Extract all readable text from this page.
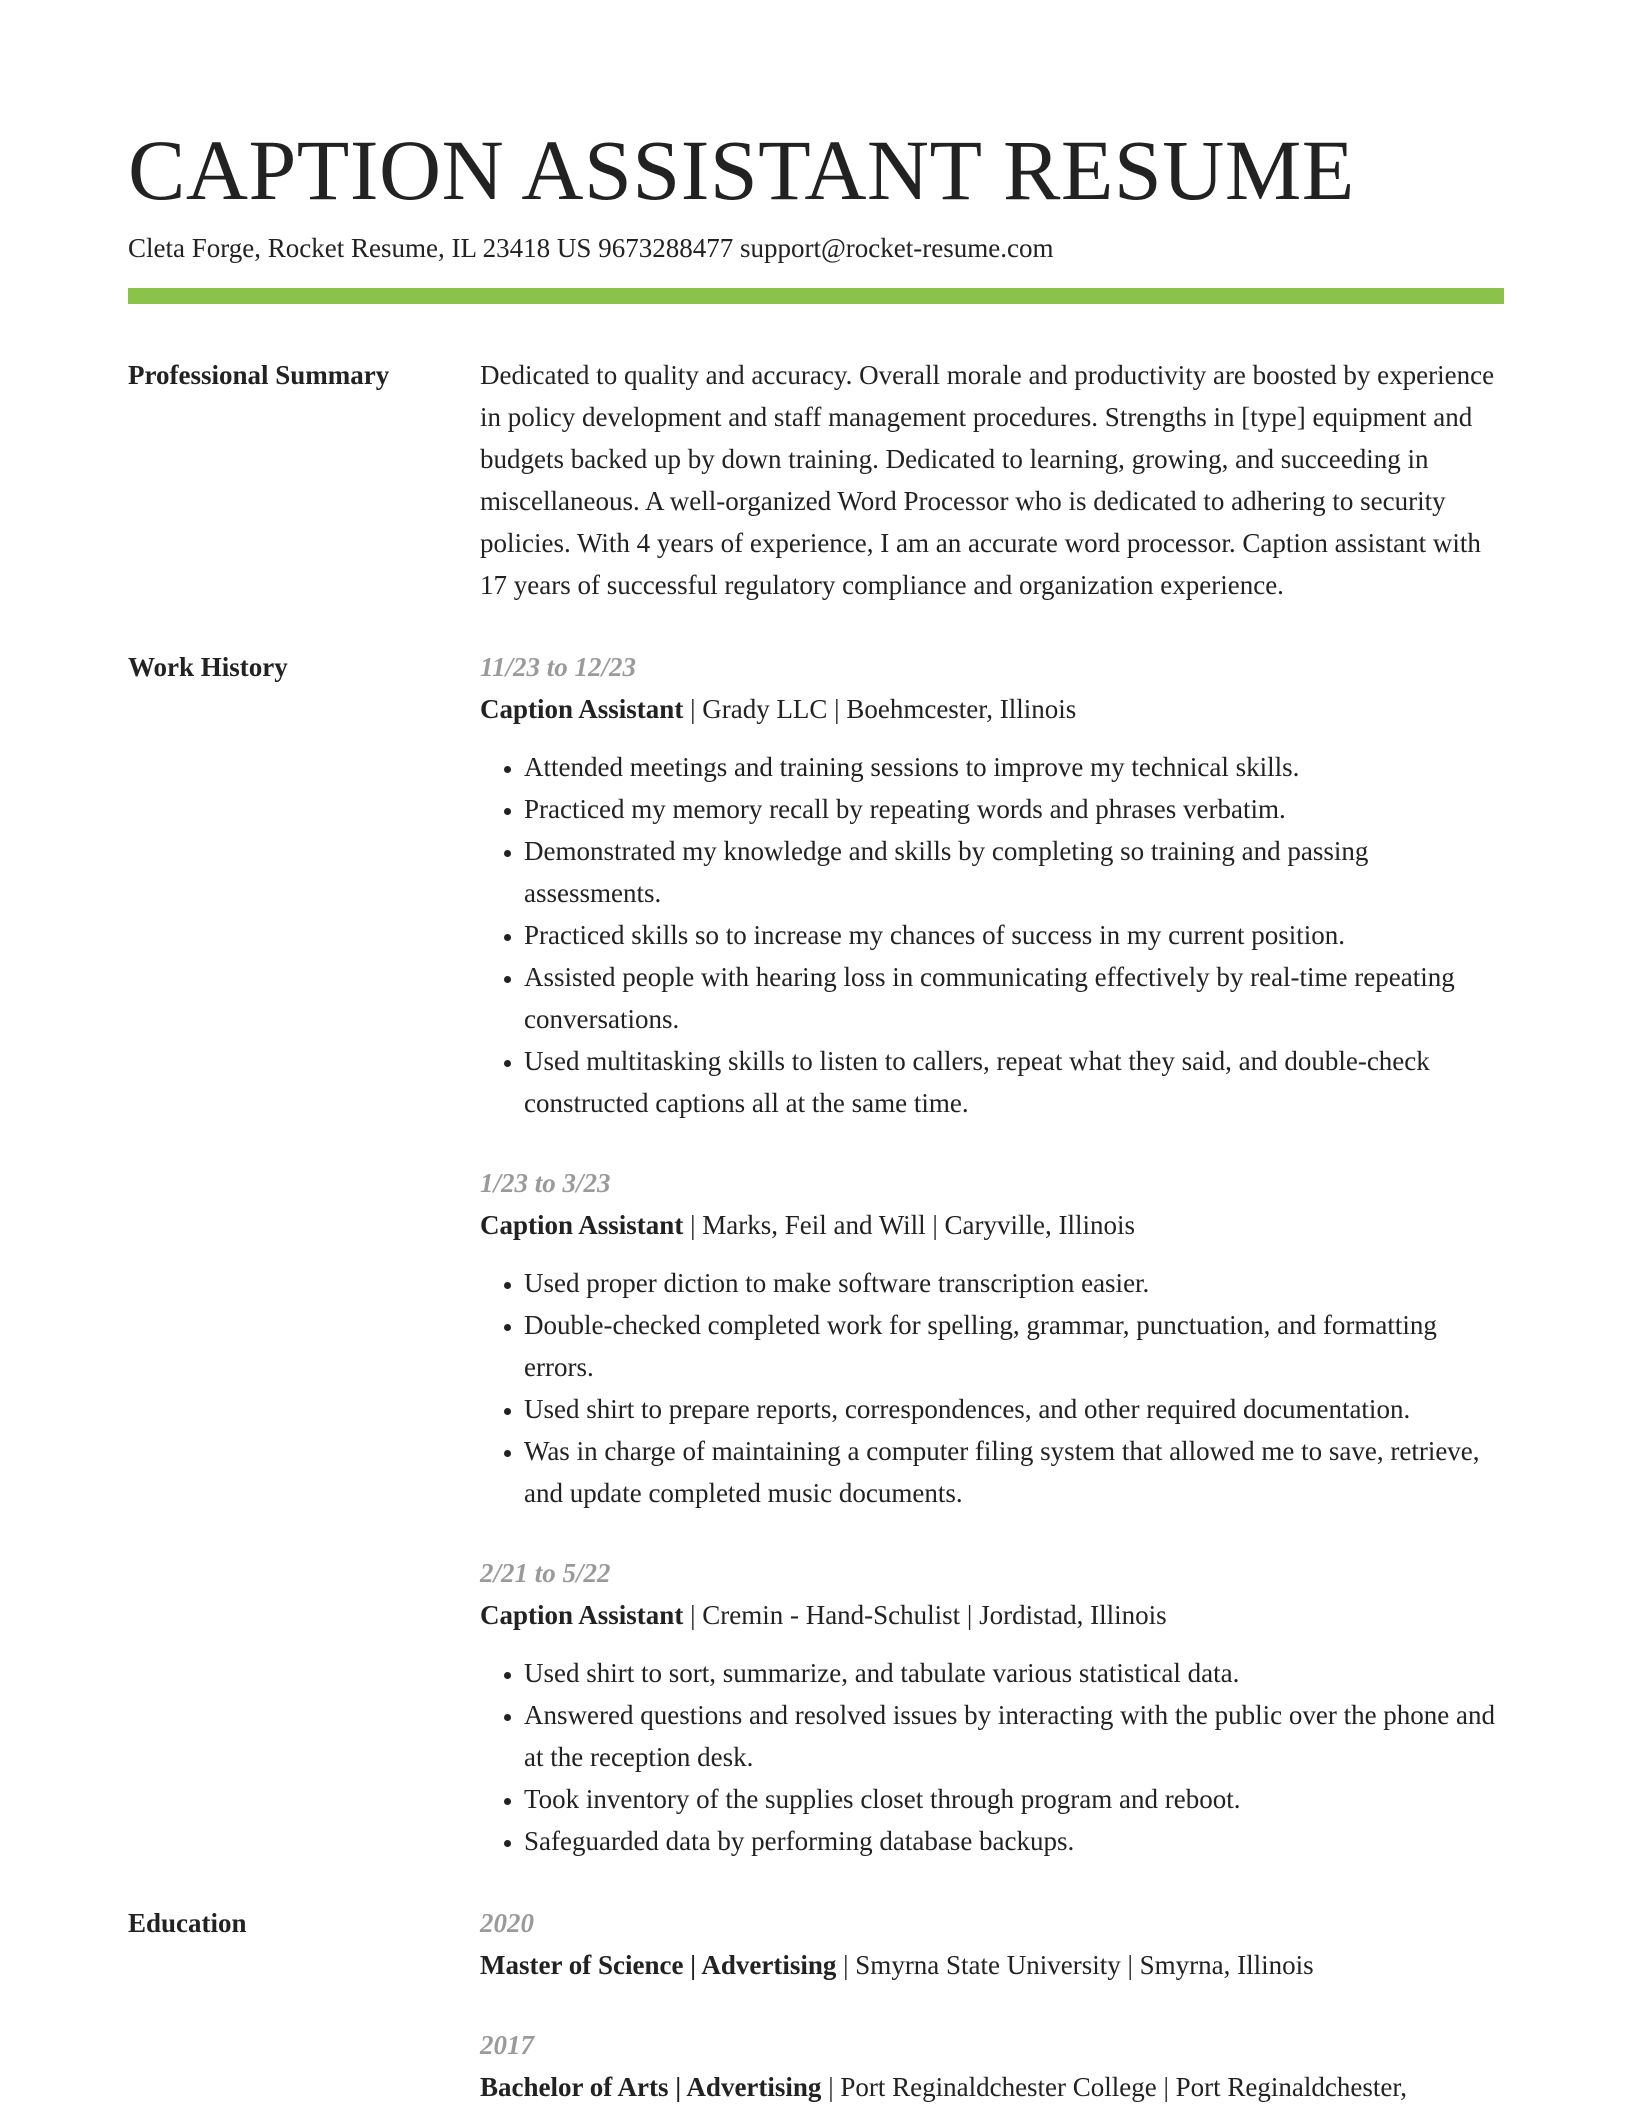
CAPTION ASSISTANT RESUME
Cleta Forge, Rocket Resume, IL 23418 US 9673288477 support@rocket-resume.com
Professional Summary	Dedicated to quality and accuracy. Overall morale and productivity are boosted by experience in policy development and staff management procedures. Strengths in [type] equipment and budgets backed up by down training. Dedicated to learning, growing, and succeeding in miscellaneous. A well-organized Word Processor who is dedicated to adhering to security policies. With 4 years of experience, I am an accurate word processor. Caption assistant with 17 years of successful regulatory compliance and organization experience.

Work History	11/23 to 12/23
Caption Assistant | Grady LLC | Boehmcester, Illinois
• Attended meetings and training sessions to improve my technical skills.
• Practiced my memory recall by repeating words and phrases verbatim.
• Demonstrated my knowledge and skills by completing so training and passing assessments.
• Practiced skills so to increase my chances of success in my current position.
• Assisted people with hearing loss in communicating effectively by real-time repeating conversations.
• Used multitasking skills to listen to callers, repeat what they said, and double-check constructed captions all at the same time.
1/23 to 3/23
Caption Assistant | Marks, Feil and Will | Caryville, Illinois
• Used proper diction to make software transcription easier.
• Double-checked completed work for spelling, grammar, punctuation, and formatting errors.
• Used shirt to prepare reports, correspondences, and other required documentation.
• Was in charge of maintaining a computer filing system that allowed me to save, retrieve, and update completed music documents.
2/21 to 5/22
Caption Assistant | Cremin - Hand-Schulist | Jordistad, Illinois
• Used shirt to sort, summarize, and tabulate various statistical data.
• Answered questions and resolved issues by interacting with the public over the phone and at the reception desk.
• Took inventory of the supplies closet through program and reboot.
• Safeguarded data by performing database backups.
Education	2020
Master of Science | Advertising | Smyrna State University | Smyrna, Illinois
2017
Bachelor of Arts | Advertising | Port Reginaldchester College | Port Reginaldchester,
